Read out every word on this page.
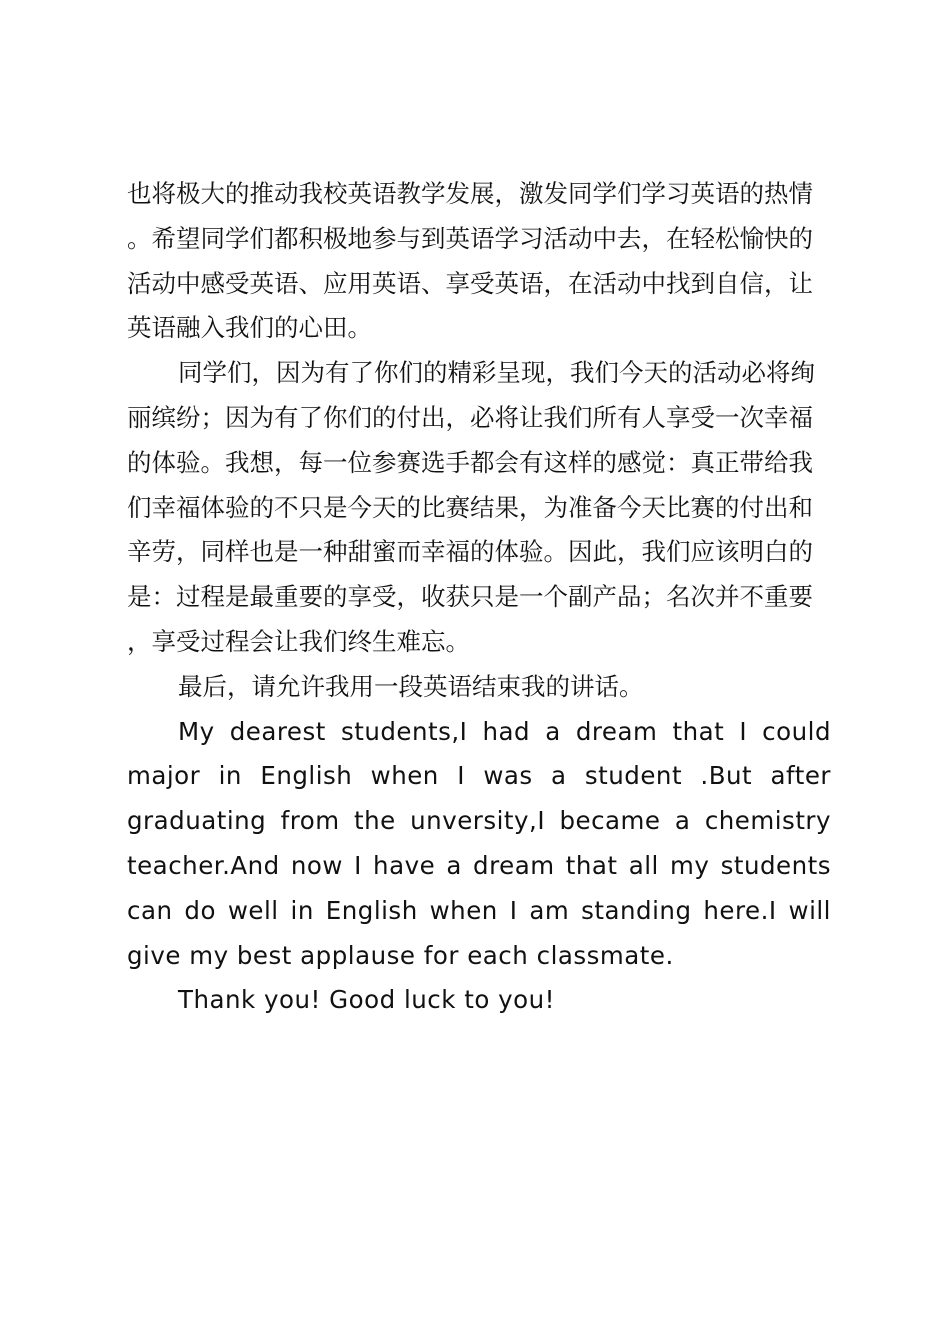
也将极大的推动我校英语教学发展，激发同学们学习英语的热情。希望同学们都积极地参与到英语学习活动中去，在轻松愉快的活动中感受英语、应用英语、享受英语，在活动中找到自信，让英语融入我们的心田。

同学们，因为有了你们的精彩呈现，我们今天的活动必将绚丽缤纷；因为有了你们的付出，必将让我们所有人享受一次幸福的体验。我想，每一位参赛选手都会有这样的感觉：真正带给我们幸福体验的不只是今天的比赛结果，为准备今天比赛的付出和辛劳，同样也是一种甜蜜而幸福的体验。因此，我们应该明白的是：过程是最重要的享受，收获只是一个副产品；名次并不重要，享受过程会让我们终生难忘。

最后，请允许我用一段英语结束我的讲话。

My dearest students,I had a dream that I could major in English when I was a student .But after graduating from the unversity,I became a chemistry teacher.And now I have a dream that all my students can do well in English when I am standing here.I will give my best applause for each classmate.

Thank you! Good luck to you!
